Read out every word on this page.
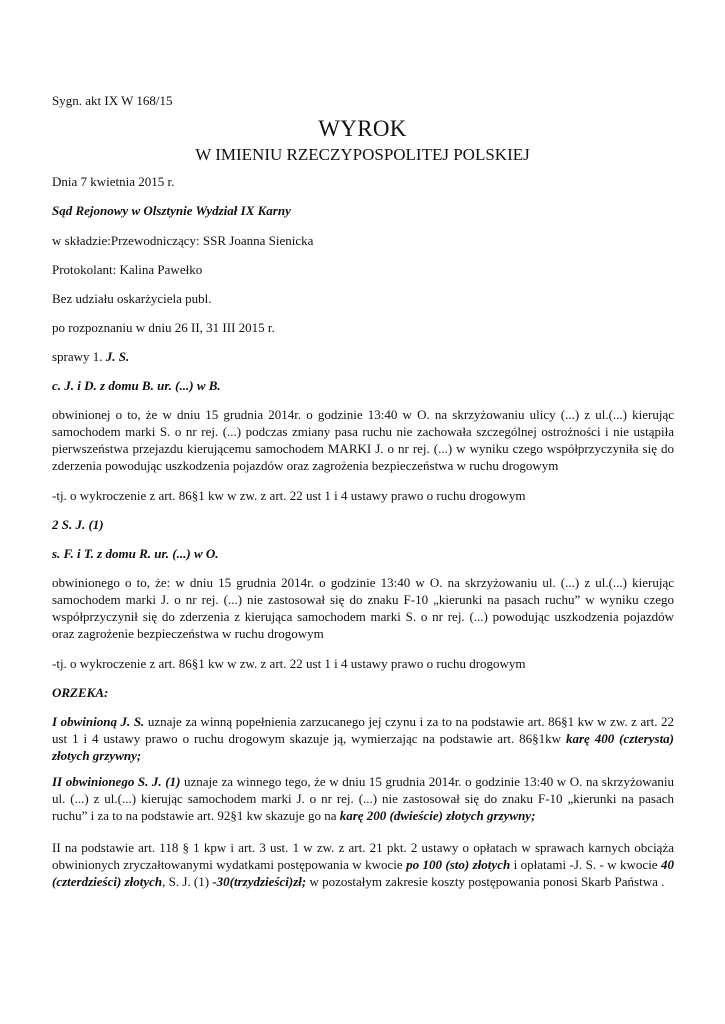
Sygn. akt IX W 168/15

WYROK

W IMIENIU RZECZYPOSPOLITEJ POLSKIEJ

Dnia 7 kwietnia 2015 r.

Sąd Rejonowy w Olsztynie Wydział IX Karny

w składzie:Przewodniczący: SSR Joanna Sienicka

Protokolant: Kalina Pawełko

Bez udziału oskarżyciela publ.

po rozpoznaniu w dniu 26 II, 31 III 2015 r.

sprawy 1. J. S.

c. J. i D. z domu B. ur. (...) w B.

obwinionej o to, że w dniu 15 grudnia 2014r. o godzinie 13:40 w O. na skrzyżowaniu ulicy (...) z ul.(...) kierując samochodem marki S. o nr rej. (...) podczas zmiany pasa ruchu nie zachowała szczególnej ostrożności i nie ustąpiła pierwszeństwa przejazdu kierującemu samochodem MARKI J. o nr rej. (...) w wyniku czego współprzyczyniła się do zderzenia powodując uszkodzenia pojazdów oraz zagrożenia bezpieczeństwa w ruchu drogowym

-tj. o wykroczenie z art. 86§1 kw w zw. z art. 22 ust 1 i 4 ustawy prawo o ruchu drogowym

2 S. J. (1)

s. F. i T. z domu R. ur. (...) w O.

obwinionego o to, że: w dniu 15 grudnia 2014r. o godzinie 13:40 w O. na skrzyżowaniu ul. (...) z ul.(...) kierując samochodem marki J. o nr rej. (...) nie zastosował się do znaku F-10 „kierunki na pasach ruchu” w wyniku czego współprzyczynił się do zderzenia z kierująca samochodem marki S. o nr rej. (...) powodując uszkodzenia pojazdów oraz zagrożenie bezpieczeństwa w ruchu drogowym

-tj. o wykroczenie z art. 86§1 kw w zw. z art. 22 ust 1 i 4 ustawy prawo o ruchu drogowym

ORZEKA:

I obwinioną J. S. uznaje za winną popełnienia zarzucanego jej czynu i za to na podstawie art. 86§1 kw w zw. z art. 22 ust 1 i 4 ustawy prawo o ruchu drogowym skazuje ją, wymierzając na podstawie art. 86§1kw karę 400 (czterysta) złotych grzywny;

II obwinionego S. J. (1) uznaje za winnego tego, że w dniu 15 grudnia 2014r. o godzinie 13:40 w O. na skrzyżowaniu ul. (...) z ul.(...) kierując samochodem marki J. o nr rej. (...) nie zastosował się do znaku F-10 „kierunki na pasach ruchu” i za to na podstawie art. 92§1 kw skazuje go na karę 200 (dwieście) złotych grzywny;

II na podstawie art. 118 § 1 kpw i art. 3 ust. 1 w zw. z art. 21 pkt. 2 ustawy o opłatach w sprawach karnych obciąża obwinionych zryczałtowanymi wydatkami postępowania w kwocie po 100 (sto) złotych i opłatami -J. S. - w kwocie 40 (czterdzieści) złotych, S. J. (1) -30(trzydzieści)zł; w pozostałym zakresie koszty postępowania ponosi Skarb Państwa .
